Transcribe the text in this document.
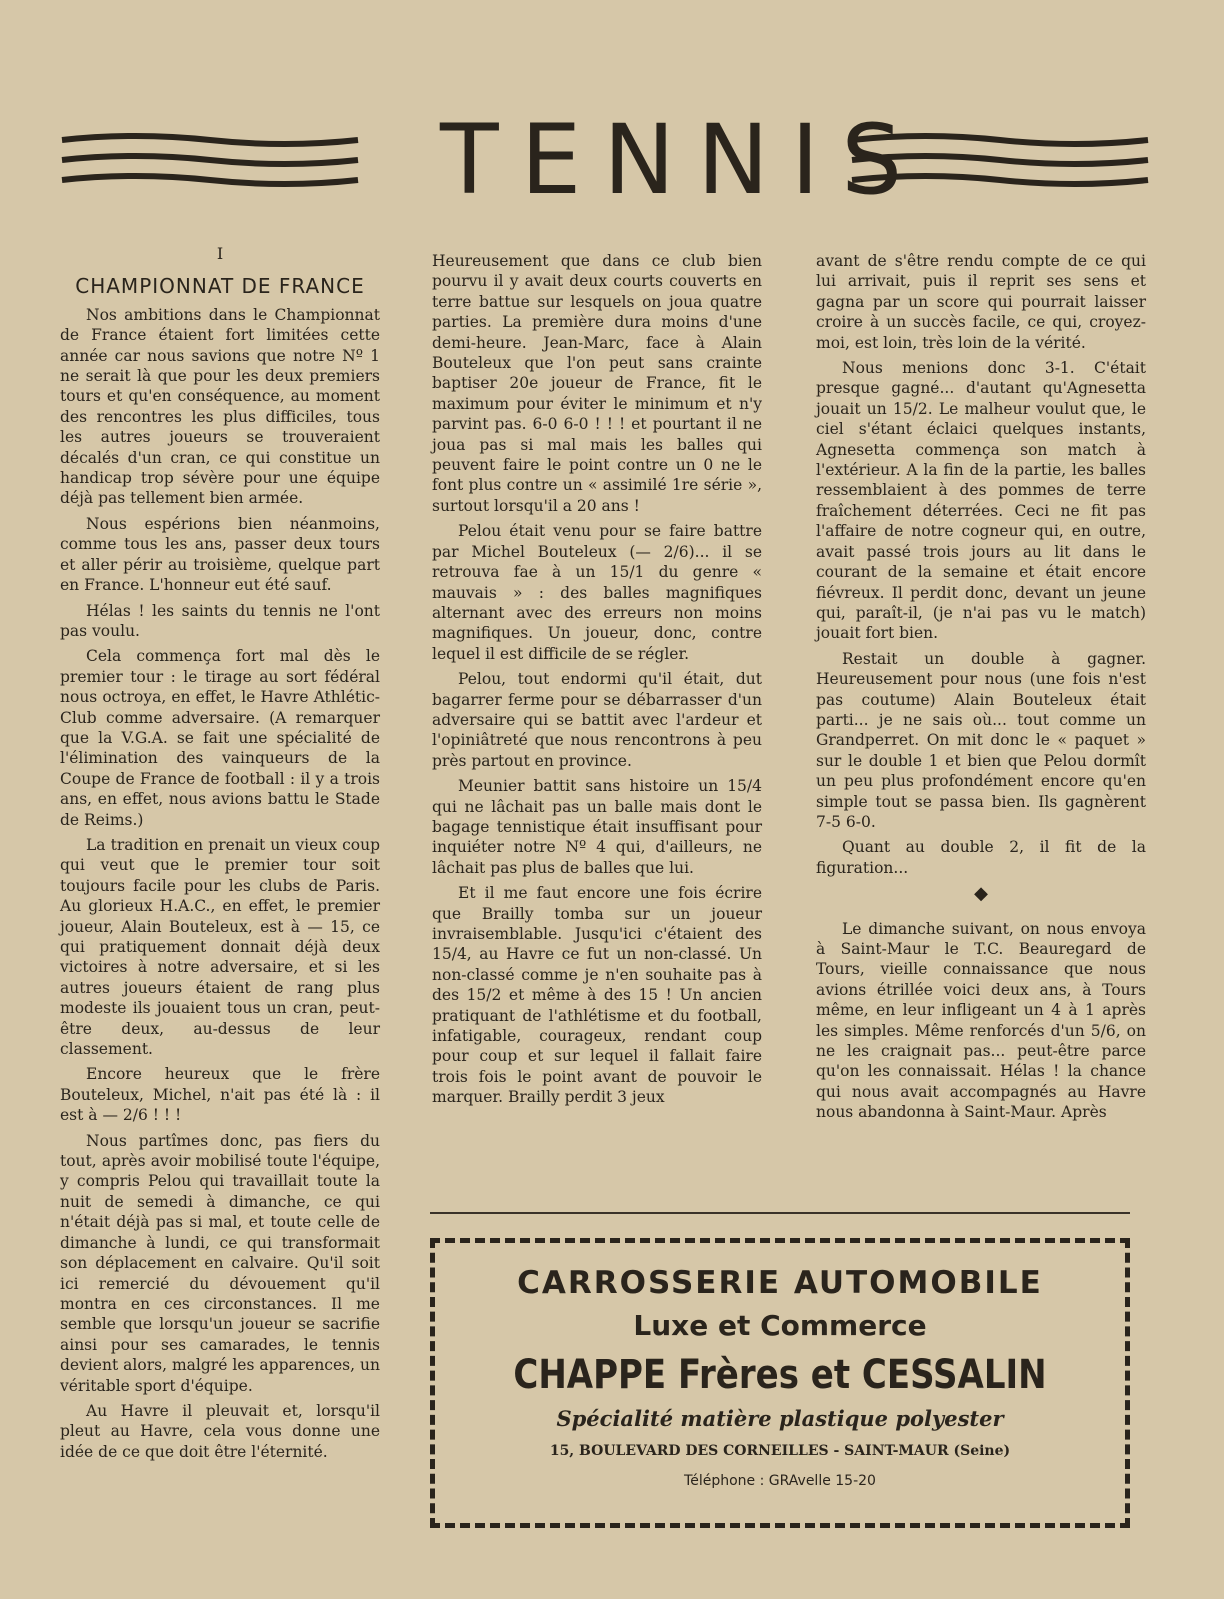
TENNIS
I
CHAMPIONNAT DE FRANCE

Nos ambitions dans le Championnat de France étaient fort limitées cette année car nous savions que notre Nº 1 ne serait là que pour les deux premiers tours et qu'en conséquence, au moment des rencontres les plus difficiles, tous les autres joueurs se trouveraient décalés d'un cran, ce qui constitue un handicap trop sévère pour une équipe déjà pas tellement bien armée.

Nous espérions bien néanmoins, comme tous les ans, passer deux tours et aller périr au troisième, quelque part en France. L'honneur eut été sauf.

Hélas ! les saints du tennis ne l'ont pas voulu.

Cela commença fort mal dès le premier tour : le tirage au sort fédéral nous octroya, en effet, le Havre Athlétic-Club comme adversaire. (A remarquer que la V.G.A. se fait une spécialité de l'élimination des vainqueurs de la Coupe de France de football : il y a trois ans, en effet, nous avions battu le Stade de Reims.)

La tradition en prenait un vieux coup qui veut que le premier tour soit toujours facile pour les clubs de Paris. Au glorieux H.A.C., en effet, le premier joueur, Alain Bouteleux, est à — 15, ce qui pratiquement donnait déjà deux victoires à notre adversaire, et si les autres joueurs étaient de rang plus modeste ils jouaient tous un cran, peut-être deux, au-dessus de leur classement.

Encore heureux que le frère Bouteleux, Michel, n'ait pas été là : il est à — 2/6 ! ! !

Nous partîmes donc, pas fiers du tout, après avoir mobilisé toute l'équipe, y compris Pelou qui travaillait toute la nuit de semedi à dimanche, ce qui n'était déjà pas si mal, et toute celle de dimanche à lundi, ce qui transformait son déplacement en calvaire. Qu'il soit ici remercié du dévouement qu'il montra en ces circonstances. Il me semble que lorsqu'un joueur se sacrifie ainsi pour ses camarades, le tennis devient alors, malgré les apparences, un véritable sport d'équipe.

Au Havre il pleuvait et, lorsqu'il pleut au Havre, cela vous donne une idée de ce que doit être l'éternité.

Heureusement que dans ce club bien pourvu il y avait deux courts couverts en terre battue sur lesquels on joua quatre parties. La première dura moins d'une demi-heure. Jean-Marc, face à Alain Bouteleux que l'on peut sans crainte baptiser 20e joueur de France, fit le maximum pour éviter le minimum et n'y parvint pas. 6-0 6-0 ! ! ! et pourtant il ne joua pas si mal mais les balles qui peuvent faire le point contre un 0 ne le font plus contre un « assimilé 1re série », surtout lorsqu'il a 20 ans !

Pelou était venu pour se faire battre par Michel Bouteleux (— 2/6)... il se retrouva fae à un 15/1 du genre « mauvais » : des balles magnifiques alternant avec des erreurs non moins magnifiques. Un joueur, donc, contre lequel il est difficile de se régler.

Pelou, tout endormi qu'il était, dut bagarrer ferme pour se débarrasser d'un adversaire qui se battit avec l'ardeur et l'opiniâtreté que nous rencontrons à peu près partout en province.

Meunier battit sans histoire un 15/4 qui ne lâchait pas un balle mais dont le bagage tennistique était insuffisant pour inquiéter notre Nº 4 qui, d'ailleurs, ne lâchait pas plus de balles que lui.

Et il me faut encore une fois écrire que Brailly tomba sur un joueur invraisemblable. Jusqu'ici c'étaient des 15/4, au Havre ce fut un non-classé. Un non-classé comme je n'en souhaite pas à des 15/2 et même à des 15 ! Un ancien pratiquant de l'athlétisme et du football, infatigable, courageux, rendant coup pour coup et sur lequel il fallait faire trois fois le point avant de pouvoir le marquer. Brailly perdit 3 jeux

avant de s'être rendu compte de ce qui lui arrivait, puis il reprit ses sens et gagna par un score qui pourrait laisser croire à un succès facile, ce qui, croyez-moi, est loin, très loin de la vérité.

Nous menions donc 3-1. C'était presque gagné... d'autant qu'Agnesetta jouait un 15/2. Le malheur voulut que, le ciel s'étant éclaici quelques instants, Agnesetta commença son match à l'extérieur. A la fin de la partie, les balles ressemblaient à des pommes de terre fraîchement déterrées. Ceci ne fit pas l'affaire de notre cogneur qui, en outre, avait passé trois jours au lit dans le courant de la semaine et était encore fiévreux. Il perdit donc, devant un jeune qui, paraît-il, (je n'ai pas vu le match) jouait fort bien.

Restait un double à gagner. Heureusement pour nous (une fois n'est pas coutume) Alain Bouteleux était parti... je ne sais où... tout comme un Grandperret. On mit donc le « paquet » sur le double 1 et bien que Pelou dormît un peu plus profondément encore qu'en simple tout se passa bien. Ils gagnèrent 7-5 6-0.

Quant au double 2, il fit de la figuration...

◆

Le dimanche suivant, on nous envoya à Saint-Maur le T.C. Beauregard de Tours, vieille connaissance que nous avions étrillée voici deux ans, à Tours même, en leur infligeant un 4 à 1 après les simples. Même renforcés d'un 5/6, on ne les craignait pas... peut-être parce qu'on les connaissait. Hélas ! la chance qui nous avait accompagnés au Havre nous abandonna à Saint-Maur. Après

CARROSSERIE AUTOMOBILE
Luxe et Commerce
CHAPPE Frères et CESSALIN
Spécialité matière plastique polyester
15, BOULEVARD DES CORNEILLES - SAINT-MAUR (Seine)
Téléphone : GRAvelle 15-20
